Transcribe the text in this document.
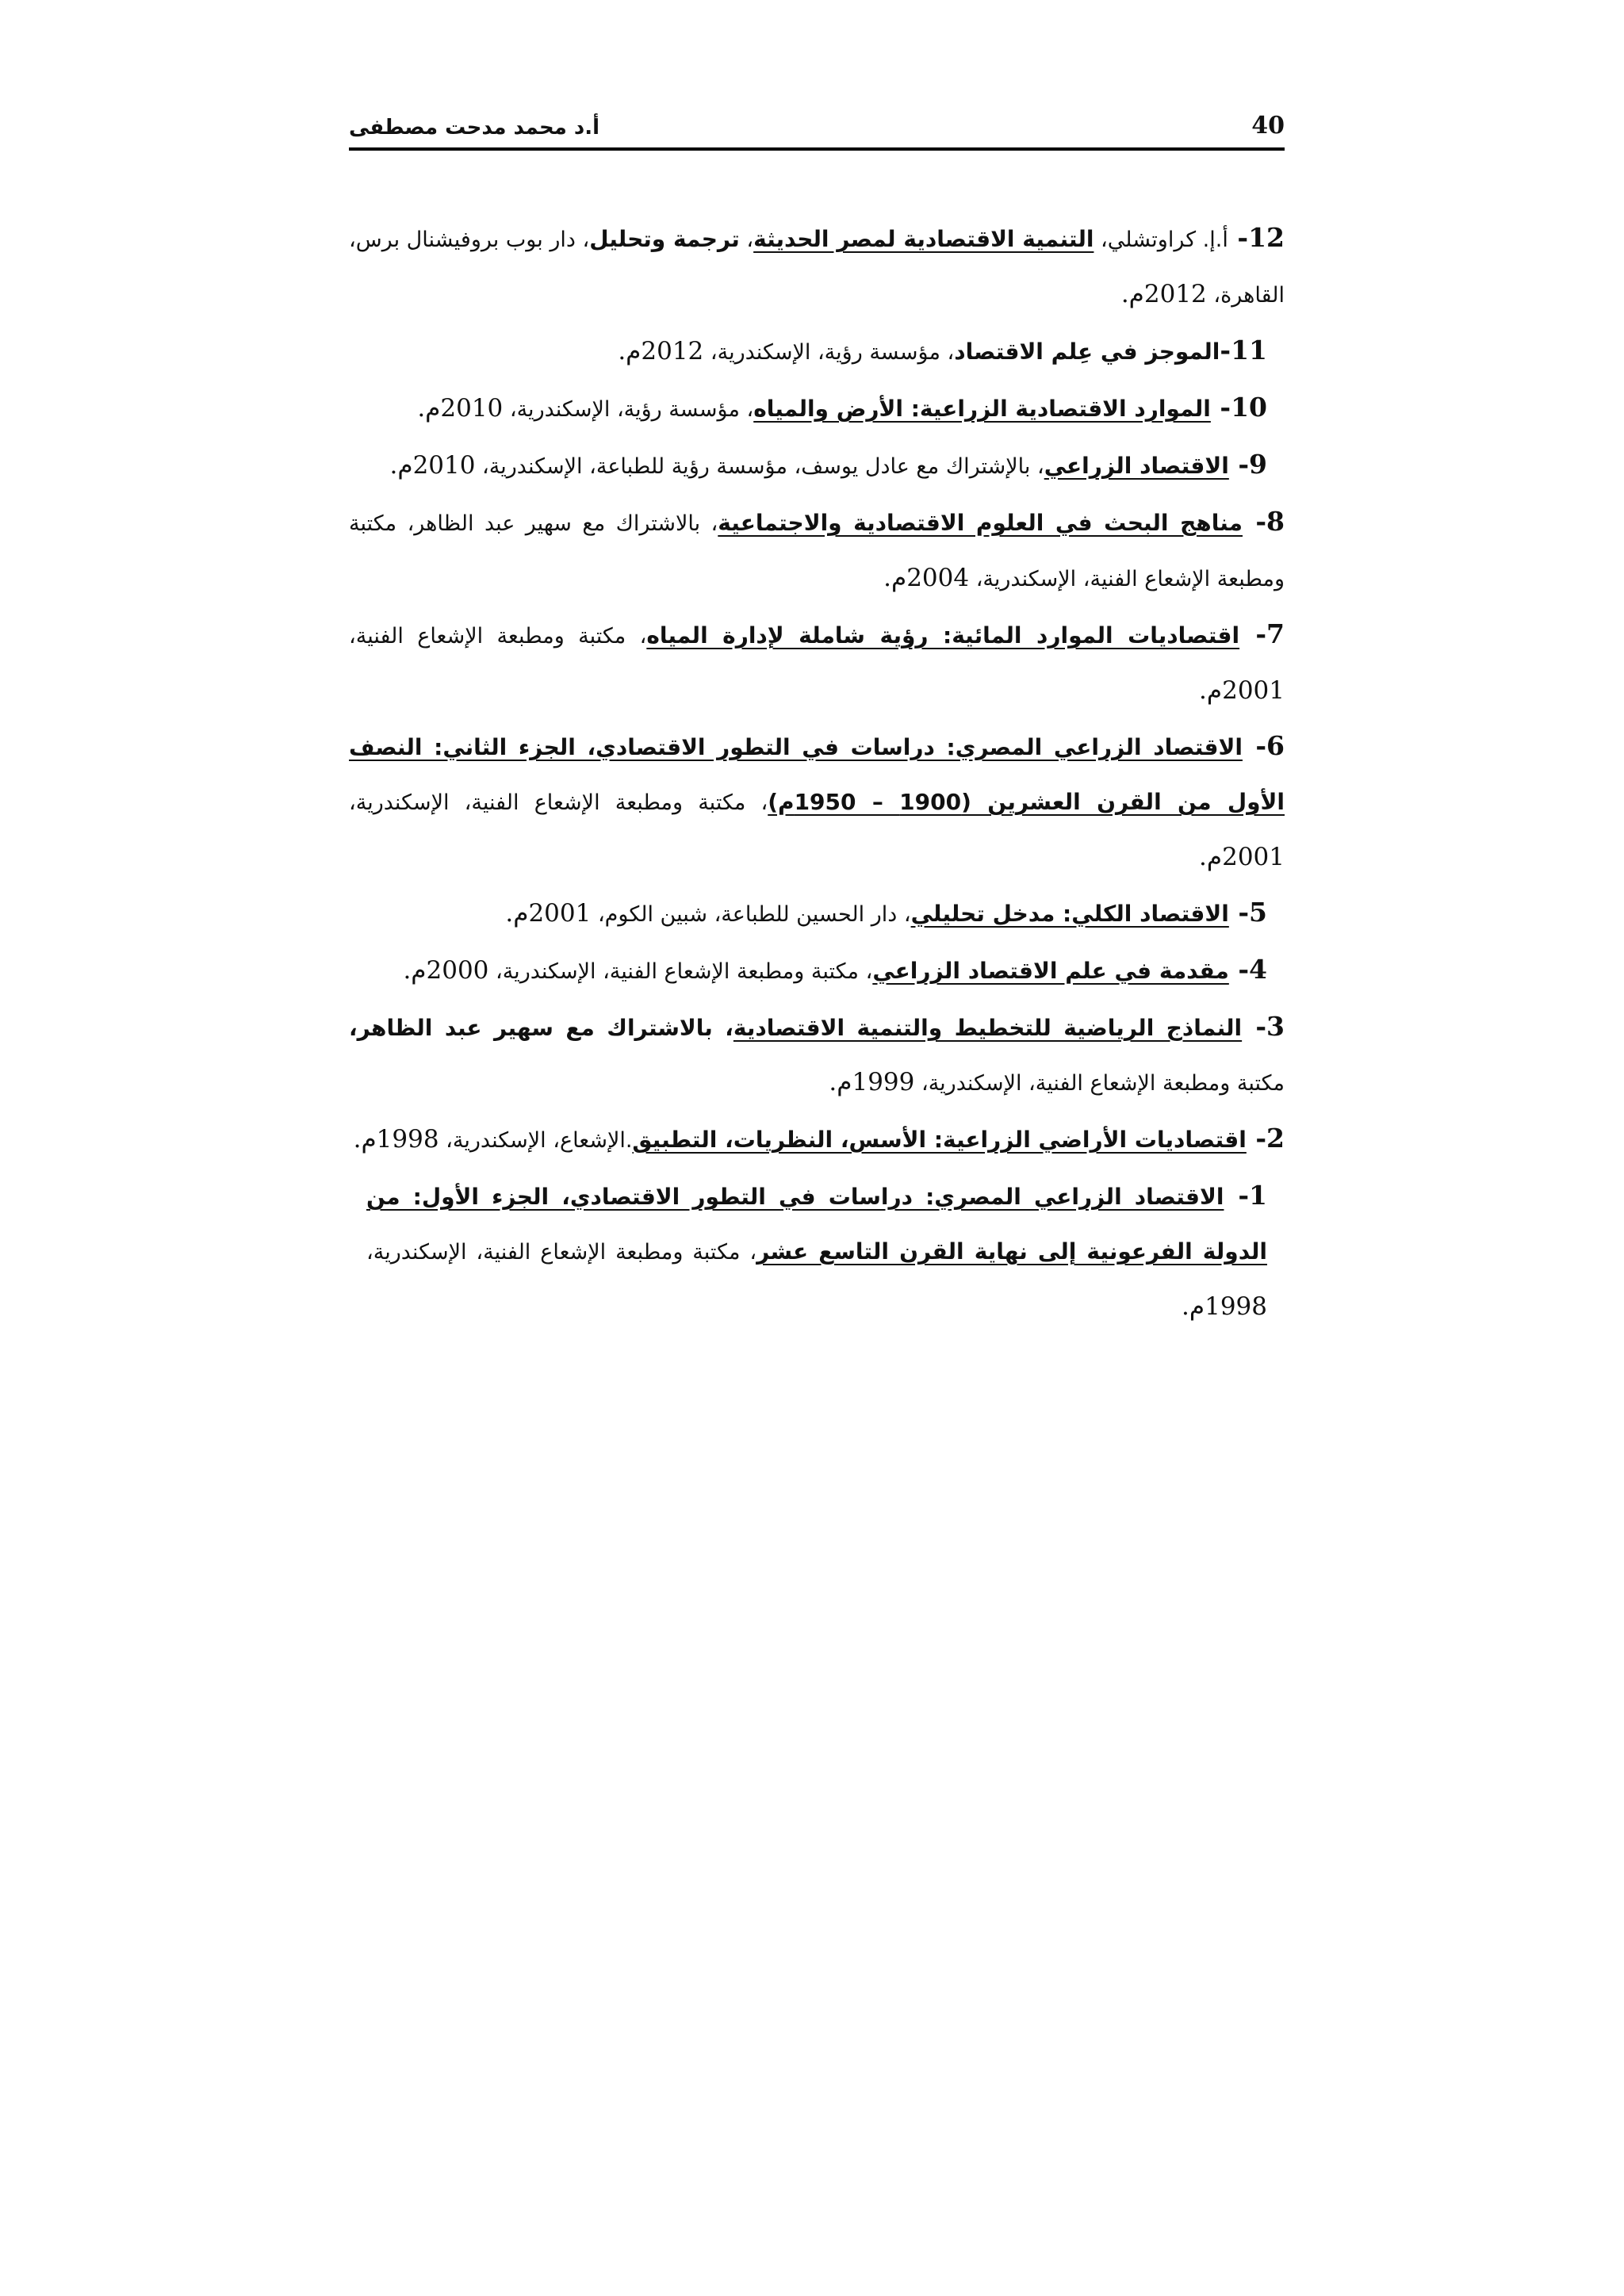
40
أ.د محمد مدحت مصطفى

12- أ.إ. كراوتشلي، التنمية الاقتصادية لمصر الحديثة، ترجمة وتحليل، دار بوب بروفيشنال برس، القاهرة، 2012م.

11-الموجز في عِلم الاقتصاد، مؤسسة رؤية، الإسكندرية، 2012م.

10- الموارد الاقتصادية الزراعية: الأرض والمياه، مؤسسة رؤية، الإسكندرية، 2010م.

9- الاقتصاد الزراعي، بالإشتراك مع عادل يوسف، مؤسسة رؤية للطباعة، الإسكندرية، 2010م.

8- مناهج البحث في العلوم الاقتصادية والاجتماعية، بالاشتراك مع سهير عبد الظاهر، مكتبة ومطبعة الإشعاع الفنية، الإسكندرية، 2004م.

7- اقتصاديات الموارد المائية: رؤية شاملة لإدارة المياه، مكتبة ومطبعة الإشعاع الفنية، 2001م.

6- الاقتصاد الزراعي المصري: دراسات في التطور الاقتصادي، الجزء الثاني: النصف الأول من القرن العشرين (1900 – 1950م)، مكتبة ومطبعة الإشعاع الفنية، الإسكندرية، 2001م.

5- الاقتصاد الكلي: مدخل تحليلي، دار الحسين للطباعة، شبين الكوم، 2001م.

4- مقدمة في علم الاقتصاد الزراعي، مكتبة ومطبعة الإشعاع الفنية، الإسكندرية، 2000م.

3- النماذج الرياضية للتخطيط والتنمية الاقتصادية، بالاشتراك مع سهير عبد الظاهر، مكتبة ومطبعة الإشعاع الفنية، الإسكندرية، 1999م.

2- اقتصاديات الأراضي الزراعية: الأسس، النظريات، التطبيق.الإشعاع، الإسكندرية، 1998م.

1- الاقتصاد الزراعي المصري: دراسات في التطور الاقتصادي، الجزء الأول: من الدولة الفرعونية إلى نهاية القرن التاسع عشر، مكتبة ومطبعة الإشعاع الفنية، الإسكندرية، 1998م.
